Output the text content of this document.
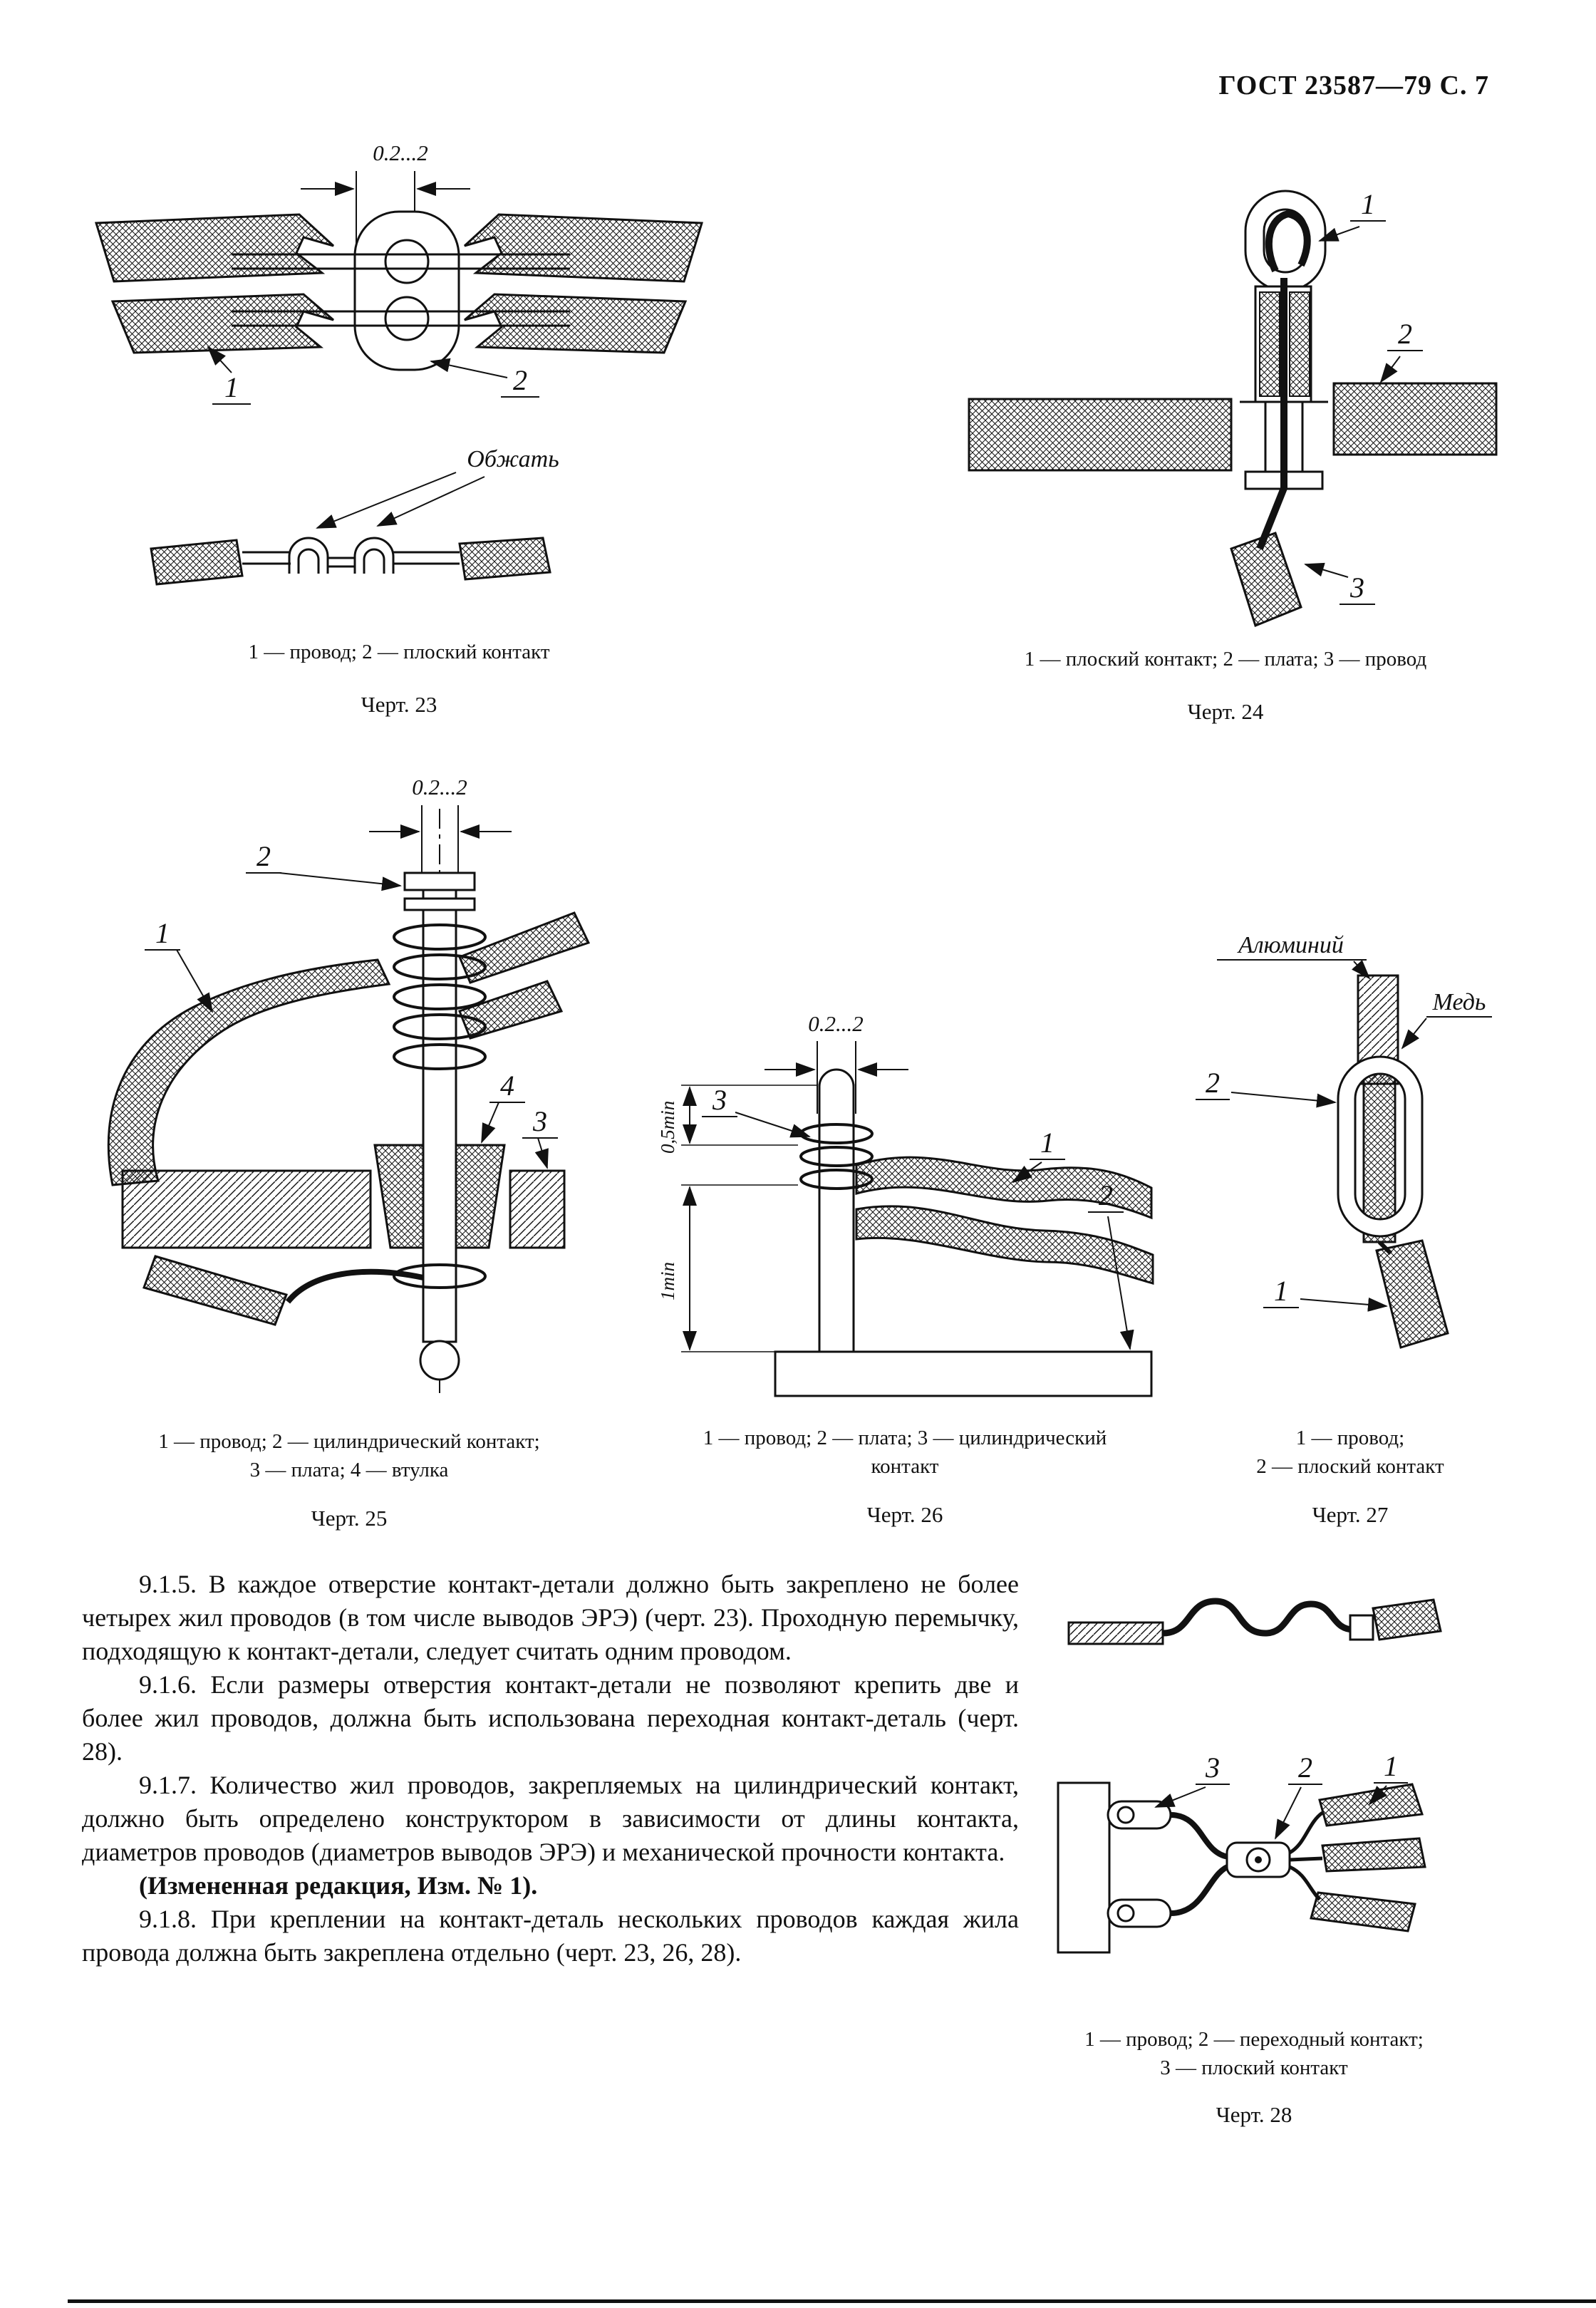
ГОСТ 23587—79 С. 7
0.2...2
1	2
Обжать
1 — провод; 2 — плоский контакт
Черт. 23
1
2
3
1 — плоский контакт; 2 — плата; 3 — провод
Черт. 24
0.2...2
2
1
4
3
1 — провод; 2 — цилиндрический контакт;
3 — плата; 4 — втулка
Черт. 25
0.2...2
0,5min
1min
3
1
2
1 — провод; 2 — плата; 3 — цилиндрический
контакт
Черт. 26
Алюминий
Медь
2
1
1 — провод;
2 — плоский контакт
Черт. 27

9.1.5. В каждое отверстие контакт-детали должно быть закреплено не более четырех жил проводов (в том числе выводов ЭРЭ) (черт. 23). Проходную перемычку, подходящую к контакт-детали, следует считать одним проводом.

9.1.6. Если размеры отверстия контакт-детали не позволяют крепить две и более жил проводов, должна быть использована переходная контакт-деталь (черт. 28).

9.1.7. Количество жил проводов, закрепляемых на цилиндрический контакт, должно быть определено конструктором в зависимости от длины контакта, диаметров проводов (диаметров выводов ЭРЭ) и механической прочности контакта.

(Измененная редакция, Изм. № 1).

9.1.8. При креплении на контакт-деталь нескольких проводов каждая жила провода должна быть закреплена отдельно (черт. 23, 26, 28).

3	2	1
1 — провод; 2 — переходный контакт;
3 — плоский контакт
Черт. 28
